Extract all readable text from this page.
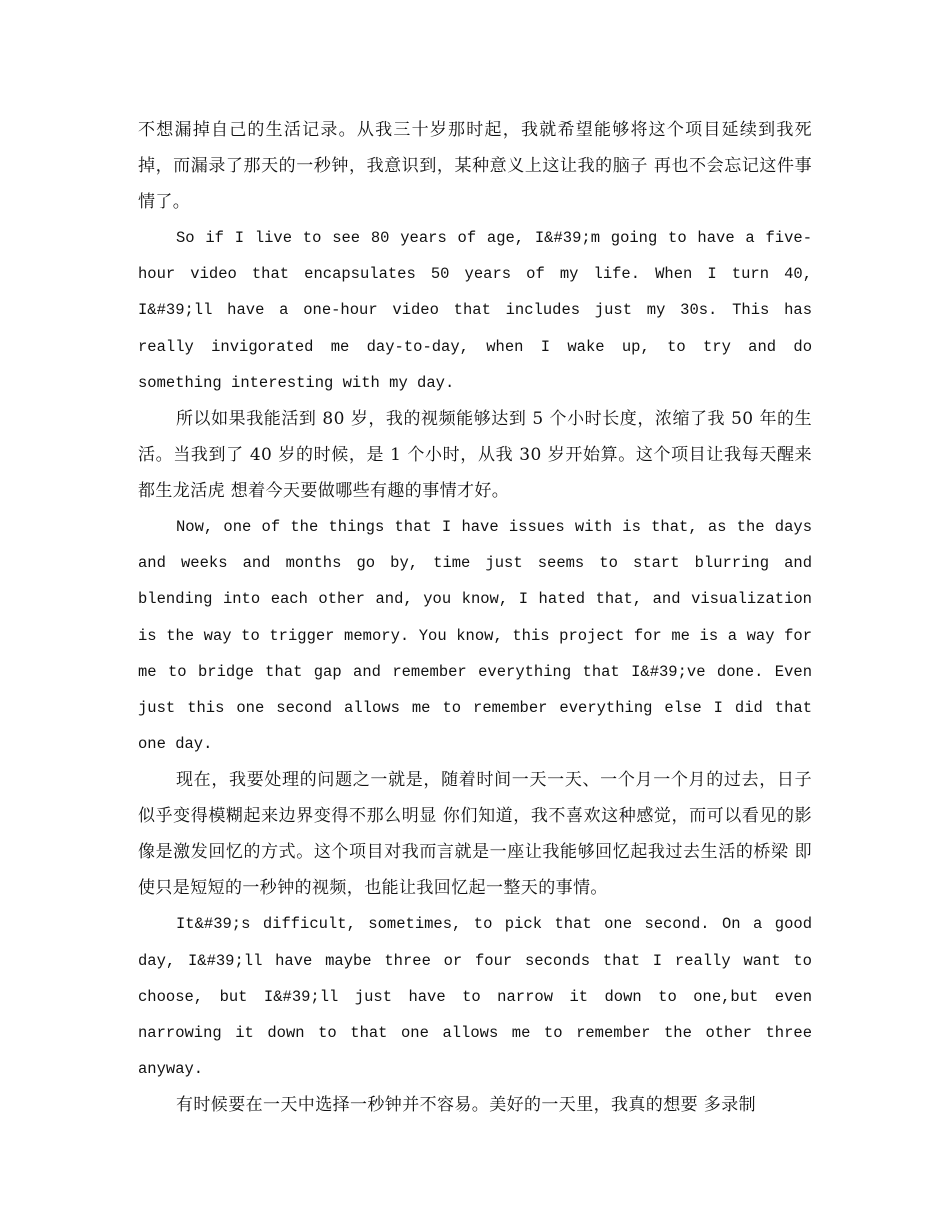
不想漏掉自己的生活记录。从我三十岁那时起，我就希望能够将这个项目延续到我死掉，而漏录了那天的一秒钟，我意识到，某种意义上这让我的脑子 再也不会忘记这件事情了。

So if I live to see 80 years of age, I&#39;m going to have a five-hour video that encapsulates 50 years of my life. When I turn 40, I&#39;ll have a one-hour video that includes just my 30s. This has really invigorated me day-to-day, when I wake up, to try and do something interesting with my day.

所以如果我能活到 80 岁，我的视频能够达到 5 个小时长度，浓缩了我 50 年的生活。当我到了 40 岁的时候，是 1 个小时，从我 30 岁开始算。这个项目让我每天醒来都生龙活虎 想着今天要做哪些有趣的事情才好。

Now, one of the things that I have issues with is that, as the days and weeks and months go by, time just seems to start blurring and blending into each other and, you know, I hated that, and visualization is the way to trigger memory. You know, this project for me is a way for me to bridge that gap and remember everything that I&#39;ve done. Even just this one second allows me to remember everything else I did that one day.

现在，我要处理的问题之一就是，随着时间一天一天、一个月一个月的过去，日子似乎变得模糊起来边界变得不那么明显 你们知道，我不喜欢这种感觉，而可以看见的影像是激发回忆的方式。这个项目对我而言就是一座让我能够回忆起我过去生活的桥梁 即使只是短短的一秒钟的视频，也能让我回忆起一整天的事情。

It&#39;s difficult, sometimes, to pick that one second. On a good day, I&#39;ll have maybe three or four seconds that I really want to choose, but I&#39;ll just have to narrow it down to one,but even narrowing it down to that one allows me to remember the other three anyway.

有时候要在一天中选择一秒钟并不容易。美好的一天里，我真的想要 多录制
